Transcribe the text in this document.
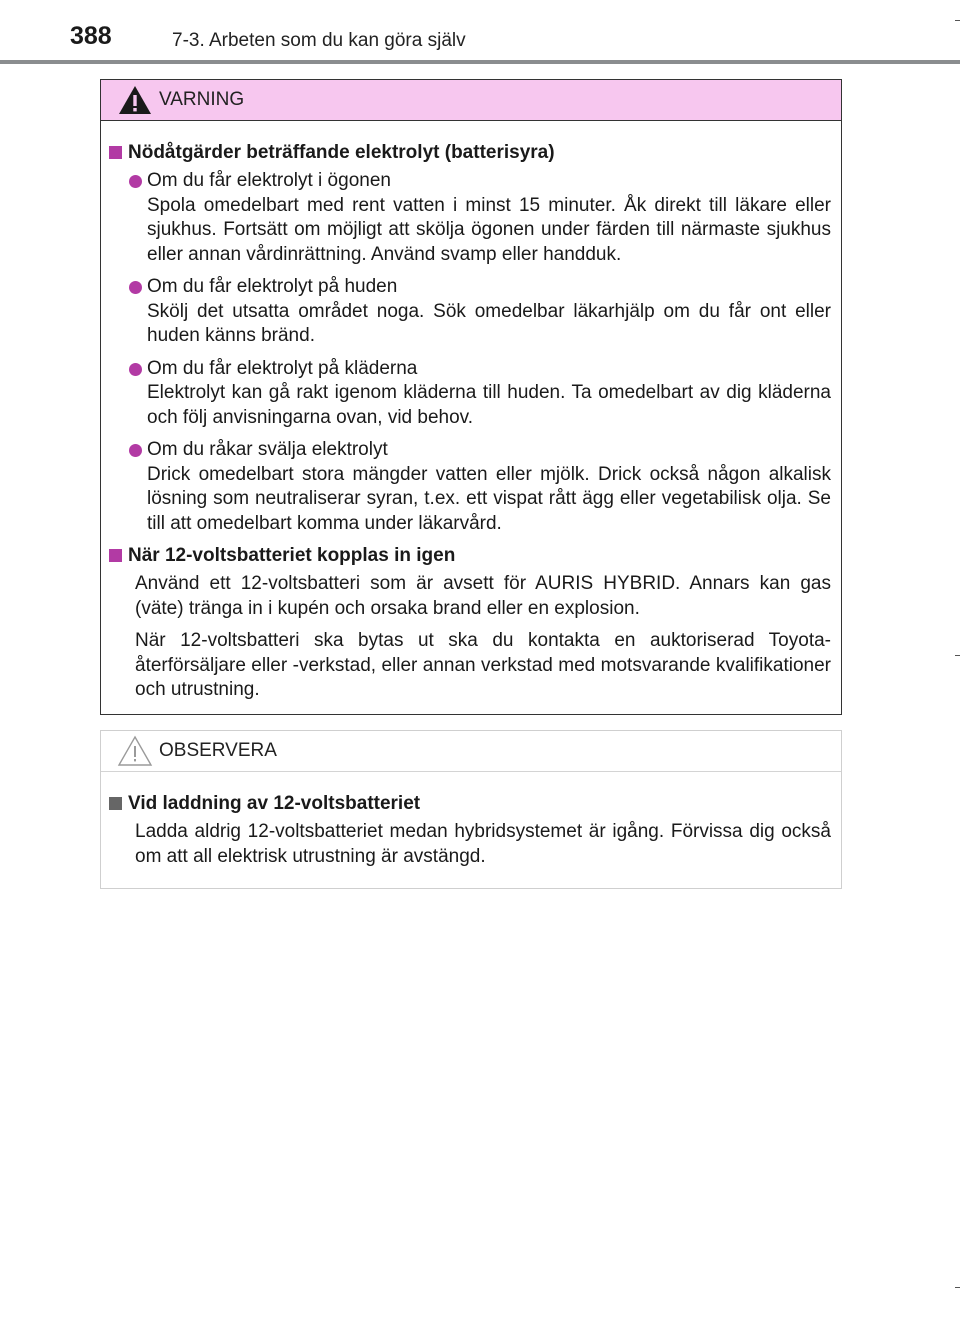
388	7-3. Arbeten som du kan göra själv
VARNING
Nödåtgärder beträffande elektrolyt (batterisyra)
Om du får elektrolyt i ögonen
Spola omedelbart med rent vatten i minst 15 minuter. Åk direkt till läkare eller sjukhus. Fortsätt om möjligt att skölja ögonen under färden till närmaste sjukhus eller annan vårdinrättning. Använd svamp eller handduk.
Om du får elektrolyt på huden
Skölj det utsatta området noga. Sök omedelbar läkarhjälp om du får ont eller huden känns bränd.
Om du får elektrolyt på kläderna
Elektrolyt kan gå rakt igenom kläderna till huden. Ta omedelbart av dig kläderna och följ anvisningarna ovan, vid behov.
Om du råkar svälja elektrolyt
Drick omedelbart stora mängder vatten eller mjölk. Drick också någon alkalisk lösning som neutraliserar syran, t.ex. ett vispat rått ägg eller vegetabilisk olja. Se till att omedelbart komma under läkarvård.
När 12-voltsbatteriet kopplas in igen
Använd ett 12-voltsbatteri som är avsett för AURIS HYBRID. Annars kan gas (väte) tränga in i kupén och orsaka brand eller en explosion.
När 12-voltsbatteri ska bytas ut ska du kontakta en auktoriserad Toyota-återförsäljare eller -verkstad, eller annan verkstad med motsvarande kvalifikationer och utrustning.
OBSERVERA
Vid laddning av 12-voltsbatteriet
Ladda aldrig 12-voltsbatteriet medan hybridsystemet är igång. Förvissa dig också om att all elektrisk utrustning är avstängd.
